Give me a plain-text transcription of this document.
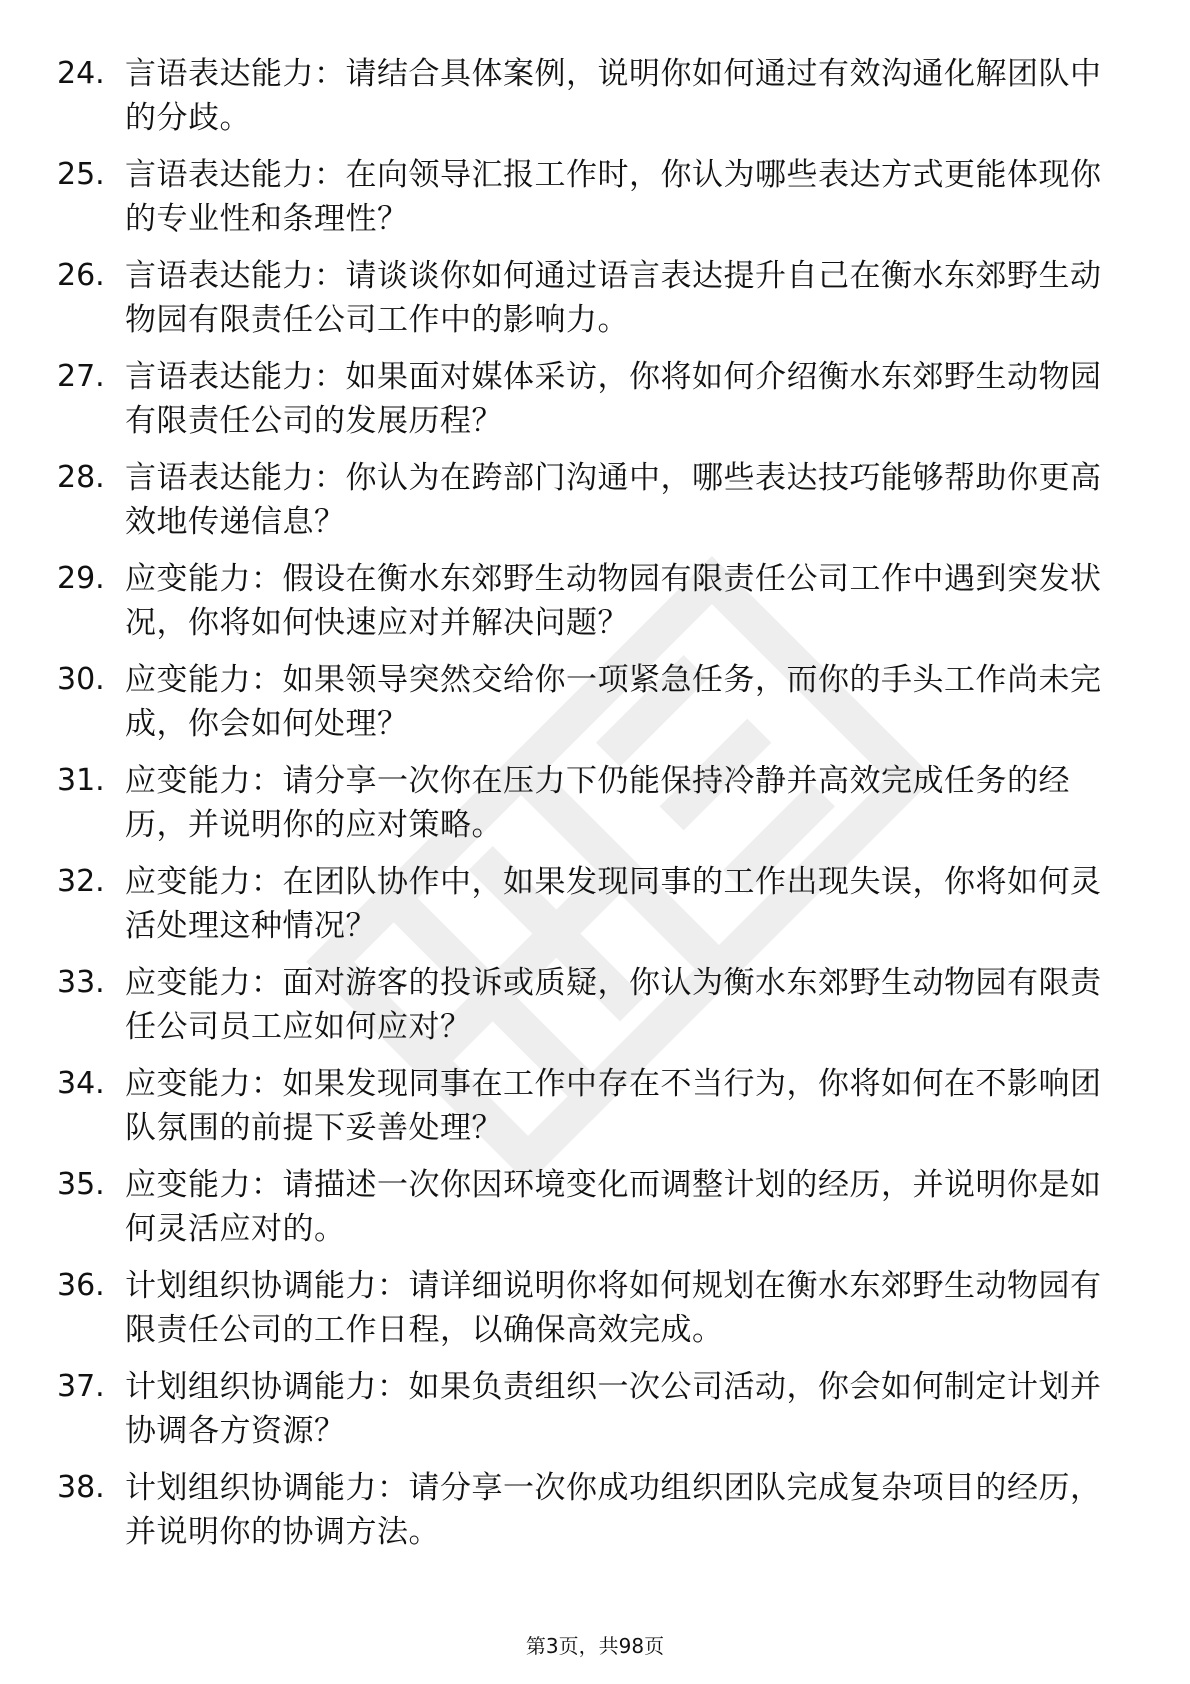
24. 言语表达能力：请结合具体案例，说明你如何通过有效沟通化解团队中的分歧。
25. 言语表达能力：在向领导汇报工作时，你认为哪些表达方式更能体现你的专业性和条理性？
26. 言语表达能力：请谈谈你如何通过语言表达提升自己在衡水东郊野生动物园有限责任公司工作中的影响力。
27. 言语表达能力：如果面对媒体采访，你将如何介绍衡水东郊野生动物园有限责任公司的发展历程？
28. 言语表达能力：你认为在跨部门沟通中，哪些表达技巧能够帮助你更高效地传递信息？
29. 应变能力：假设在衡水东郊野生动物园有限责任公司工作中遇到突发状况，你将如何快速应对并解决问题？
30. 应变能力：如果领导突然交给你一项紧急任务，而你的手头工作尚未完成，你会如何处理？
31. 应变能力：请分享一次你在压力下仍能保持冷静并高效完成任务的经历，并说明你的应对策略。
32. 应变能力：在团队协作中，如果发现同事的工作出现失误，你将如何灵活处理这种情况？
33. 应变能力：面对游客的投诉或质疑，你认为衡水东郊野生动物园有限责任公司员工应如何应对？
34. 应变能力：如果发现同事在工作中存在不当行为，你将如何在不影响团队氛围的前提下妥善处理？
35. 应变能力：请描述一次你因环境变化而调整计划的经历，并说明你是如何灵活应对的。
36. 计划组织协调能力：请详细说明你将如何规划在衡水东郊野生动物园有限责任公司的工作日程，以确保高效完成。
37. 计划组织协调能力：如果负责组织一次公司活动，你会如何制定计划并协调各方资源？
38. 计划组织协调能力：请分享一次你成功组织团队完成复杂项目的经历，并说明你的协调方法。
第3页，共98页
